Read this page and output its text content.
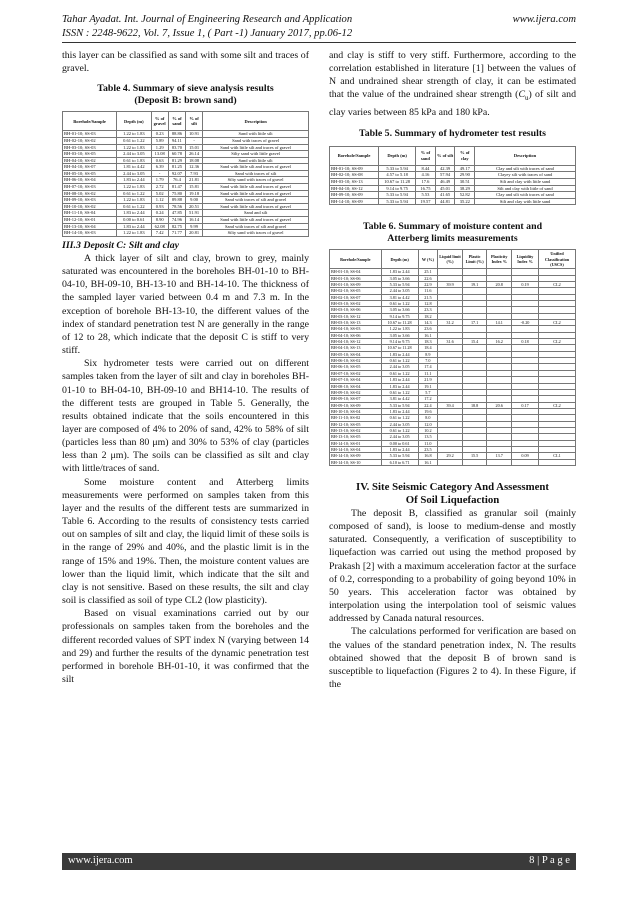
Tahar Ayadat. Int. Journal of Engineering Research and Application	www.ijera.com
ISSN : 2248-9622, Vol. 7, Issue 1, ( Part -1) January 2017, pp.06-12

this layer can be classified as sand with some silt and traces of gravel.

Table 4. Summary of sieve analysis results (Deposit B: brown sand)

Borehole/Sample	Depth (m)	% of gravel	% of sand	% of silt	Description
BH-01-10; SS-03	1.22 to 1.83	0.23	88.86	10.91	Sand with little silt
BH-02-10; SS-02	0.61 to 1.22	5.89	94.11	-	Sand with traces of gravel
BH-03-10; SS-03	1.22 to 1.83	1.29	83.70	15.01	Sand with little silt and traces of gravel
BH-03-10; SS-05	2.44 to 3.05	13.08	60.78	26.14	Silty sand with little gravel
BH-04-10; SS-02	0.61 to 1.83	0.63	81.29	18.08	Sand with little silt
BH-04-10; SS-07	1.81 to 4.42	6.39	81.25	12.36	Sand with little silt and traces of gravel
BH-05-10; SS-05	2.44 to 3.05	-	92.07	7.93	Sand with traces of silt
BH-06-10; SS-04	1.83 to 2.44	1.79	76.4	21.81	Silty sand with traces of gravel
BH-07-10; SS-03	1.22 to 1.83	2.72	81.47	15.81	Sand with little silt and traces of gravel
BH-08-10; SS-02	0.61 to 1.22	5.02	75.80	19.18	Sand with little silt and traces of gravel
BH-09-10; SS-03	1.22 to 1.83	1.12	89.88	9.00	Sand with traces of silt and gravel
BH-10-10; SS-02	0.61 to 1.22	0.93	78.56	20.51	Sand with little silt and traces of gravel
BH-11-10; SS-04	1.83 to 2.44	0.24	47.85	51.91	Sand and silt
BH-12-10; SS-01	0.00 to 0.61	8.90	74.96	16.14	Sand with little silt and traces of gravel
BH-13-10; SS-04	1.83 to 2.44	62.08	82.75	9.99	Sand with traces of silt and gravel
BH-14-10; SS-03	1.22 to 1.83	7.42	71.77	20.81	Silty sand with traces of gravel

III.3 Deposit C: Silt and clay

A thick layer of silt and clay, brown to grey, mainly saturated was encountered in the boreholes BH-01-10 to BH-04-10, BH-09-10, BH-13-10 and BH-14-10. The thickness of the sampled layer varied between 0.4 m and 7.3 m. In the exception of borehole BH-13-10, the different values of the index of standard penetration test N are generally in the range of 12 to 28, which indicate that the deposit C is stiff to very stiff.

Six hydrometer tests were carried out on different samples taken from the layer of silt and clay in boreholes BH-01-10 to BH-04-10, BH-09-10 and BH14-10. The results of the different tests are grouped in Table 5. Generally, the results obtained indicate that the soils encountered in this layer are composed of 4% to 20% of sand, 42% to 58% of silt (particles less than 80 μm) and 30% to 53% of clay (particles less than 2 μm). The soils can be classified as silt and clay with little/traces of sand.

Some moisture content and Atterberg limits measurements were performed on samples taken from this layer and the results of the different tests are summarized in Table 6. According to the results of consistency tests carried out on samples of silt and clay, the liquid limit of these soils is in the range of 29% and 40%, and the plastic limit is in the range of 15% and 19%. Then, the moisture content values are lower than the liquid limit, which indicate that the silt and clay is not sensitive. Based on these results, the silt and clay soil is classified as soil of type CL2 (low plasticity).

Based on visual examinations carried out by our professionals on samples taken from the boreholes and the different recorded values of SPT index N (varying between 14 and 29) and further the results of the dynamic penetration test performed in borehole BH-01-10, it was confirmed that the silt

and clay is stiff to very stiff. Furthermore, according to the correlation established in literature [1] between the values of N and undrained shear strength of clay, it can be estimated that the value of the undrained shear strength $(C_u)$ of silt and clay varies between 85 kPa and 180 kPa.

Table 5. Summary of hydrometer test results

Borehole/Sample	Depth (m)	% of sand	% of silt	% of clay	Description
BH-01-10; SS-09	5.33 to 5.94	8.44	42.39	49.17	Clay and silt with traces of sand
BH-02-10; SS-08	4.57 to 5.18	4.16	57.94	29.90	Clayey silt with traces of sand
BH-03-10; SS-13	10.67 to 11.28	17.6	46.49	30.51	Silt and clay with little sand
BH-04-10; SS-12	9.14 to 9.75	16.75	45.01	38.29	Silt and clay with little of sand
BH-09-10; SS-09	5.33 to 5.94	5.53	41.65	52.82	Clay and silt with traces of sand
BH-14-10; SS-09	5.33 to 5.94	19.57	44.81	35.22	Silt and clay with little sand

Table 6. Summary of moisture content and Atterberg limits measurements

Borehole/Sample	Depth (m)	W (%)	Liquid limit (%)	Plastic Limit (%)	Plasticity Index %	Liquidity Index %	Unified Classification (USCS)
BH-01-10; SS-04	1.83 to 2.44	25.1					
BH-01-10; SS-06	3.05 to 3.66	22.6					
BH-01-10; SS-09	5.33 to 5.94	22.9	39.9	19.1	20.8	0.19	CL2
BH-02-10; SS-05	2.44 to 3.05	11.6					
BH-02-10; SS-07	3.81 to 4.42	21.5					
BH-03-10; SS-02	0.61 to 1.22	12.8					
BH-03-10; SS-06	3.05 to 3.66	23.3					
BH-03-10; SS-12	9.14 to 9.75	18.2					
BH-03-10; SS-13	10.67 to 11.28	14.3	31.2	17.1	14.1	-0.20	CL2
BH-04-10; SS-03	1.22 to 1.83	23.6					
BH-04-10; SS-06	3.05 to 3.66	16.1					
BH-04-10; SS-12	9.14 to 9.75	18.3	31.6	15.4	16.2	0.18	CL2
BH-04-10; SS-13	10.67 to 11.28	18.4					
BH-05-10; SS-04	1.83 to 2.44	8.9					
BH-06-10; SS-02	0.61 to 1.22	7.0					
BH-06-10; SS-05	2.44 to 3.05	17.4					
BH-07-10; SS-02	0.61 to 1.22	11.1					
BH-07-10; SS-04	1.83 to 2.44	21.9					
BH-08-10; SS-04	1.83 to 2.44	19.1					
BH-09-10; SS-02	0.61 to 1.22	5.7					
BH-09-10; SS-07	3.81 to 4.42	17.2					
BH-09-10; SS-09	5.33 to 5.94	22.4	39.4	18.8	20.6	0.17	CL2
BH-10-10; SS-04	1.83 to 2.44	19.6					
BH-11-10; SS-02	0.61 to 1.22	8.0					
BH-12-10; SS-05	2.44 to 3.05	12.0					
BH-13-10; SS-02	0.61 to 1.22	10.2					
BH-13-10; SS-05	2.44 to 3.05	13.5					
BH-14-10; SS-01	0.00 to 0.61	11.0					
BH-14-10; SS-04	1.83 to 2.44	23.5					
BH-14-10; SS-09	5.33 to 5.94	16.8	29.2	15.5	13.7	0.09	CL1
BH-14-10; SS-10	6.10 to 6.71	16.1					

IV. Site Seismic Category And Assessment

Of Soil Liquefaction

The deposit B, classified as granular soil (mainly composed of sand), is loose to medium-dense and mostly saturated. Consequently, a verification of susceptibility to liquefaction was carried out using the method proposed by Prakash [2] with a maximum acceleration factor at the surface of 0.2, corresponding to a probability of going beyond 10% in 50 years. This acceleration factor was obtained by interpolation using the interpolation tool of seismic values addressed by Canada natural resources.

The calculations performed for verification are based on the values of the standard penetration index, N. The results obtained showed that the deposit B of brown sand is susceptible to liquefaction (Figures 2 to 4). In these Figure, if the

www.ijera.com	8 | P a g e
